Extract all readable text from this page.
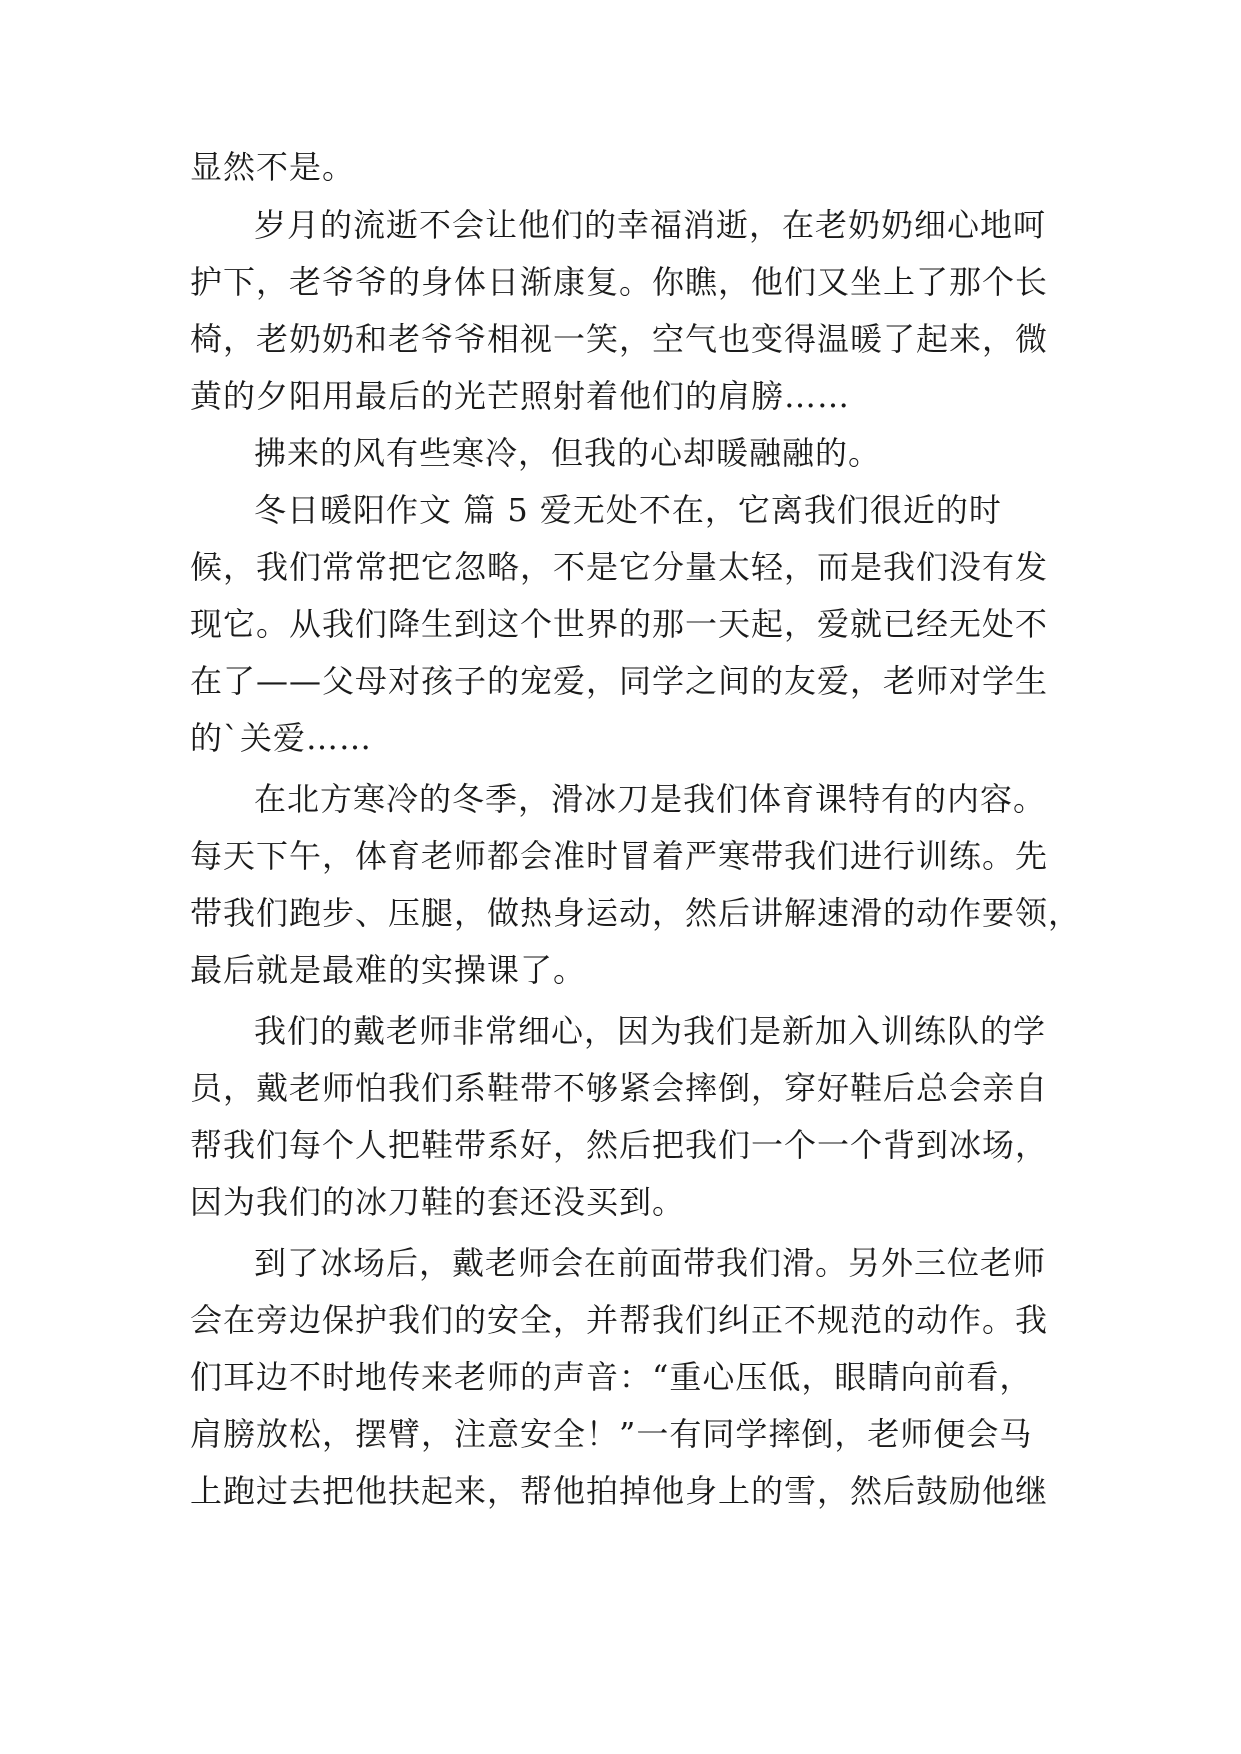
显然不是。
岁月的流逝不会让他们的幸福消逝，在老奶奶细心地呵
护下，老爷爷的身体日渐康复。你瞧，他们又坐上了那个长
椅，老奶奶和老爷爷相视一笑，空气也变得温暖了起来，微
黄的夕阳用最后的光芒照射着他们的肩膀……
拂来的风有些寒冷，但我的心却暖融融的。
冬日暖阳作文 篇 5 爱无处不在，它离我们很近的时
候，我们常常把它忽略，不是它分量太轻，而是我们没有发
现它。从我们降生到这个世界的那一天起，爱就已经无处不
在了——父母对孩子的宠爱，同学之间的友爱，老师对学生
的`关爱……
在北方寒冷的冬季，滑冰刀是我们体育课特有的内容。
每天下午，体育老师都会准时冒着严寒带我们进行训练。先
带我们跑步、压腿，做热身运动，然后讲解速滑的动作要领，
最后就是最难的实操课了。
我们的戴老师非常细心，因为我们是新加入训练队的学
员，戴老师怕我们系鞋带不够紧会摔倒，穿好鞋后总会亲自
帮我们每个人把鞋带系好，然后把我们一个一个背到冰场，
因为我们的冰刀鞋的套还没买到。
到了冰场后，戴老师会在前面带我们滑。另外三位老师
会在旁边保护我们的安全，并帮我们纠正不规范的动作。我
们耳边不时地传来老师的声音：“重心压低，眼睛向前看，
肩膀放松，摆臂，注意安全！”一有同学摔倒，老师便会马
上跑过去把他扶起来，帮他拍掉他身上的雪，然后鼓励他继
